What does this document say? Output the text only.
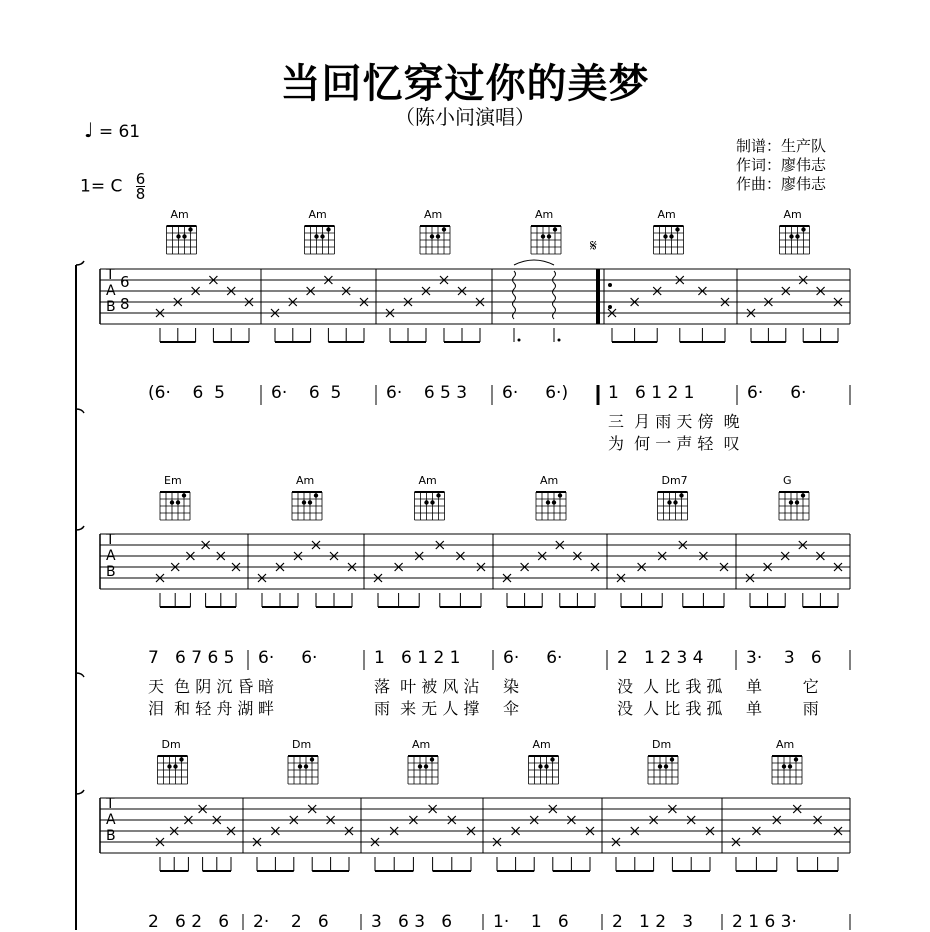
当回忆穿过你的美梦
（陈小问演唱）
♩ = 61
1= C $\frac{6}{8}$
制谱：生产队
作词：廖伟志
作曲：廖伟志
𝄋
T
A
B
6
8
Am
(6·    6  5
Am
6·    6  5
Am
6·    6 5 3
Am
6·     6·)
Am
1   6 1 2 1
三  月 雨 天 傍  晚
为  何 一 声 轻  叹
Am
6·     6·
T
A
B
Em
7   6 7 6 5
天  色 阴 沉 昏
泪  和 轻 舟 湖
Am
6·     6·
暗
畔
Am
1   6 1 2 1
落  叶 被 风 沾
雨  来 无 人 撑
Am
6·     6·
染
伞
Dm7
2   1 2 3 4
没  人 比 我 孤
没  人 比 我 孤
G
3·    3   6
单        它
单        雨
T
A
B
Dm
2   6 2   6
Dm
2·    2   6
Am
3   6 3   6
Am
1·    1   6
Dm
2   1 2   3
Am
2 1 6 3·
